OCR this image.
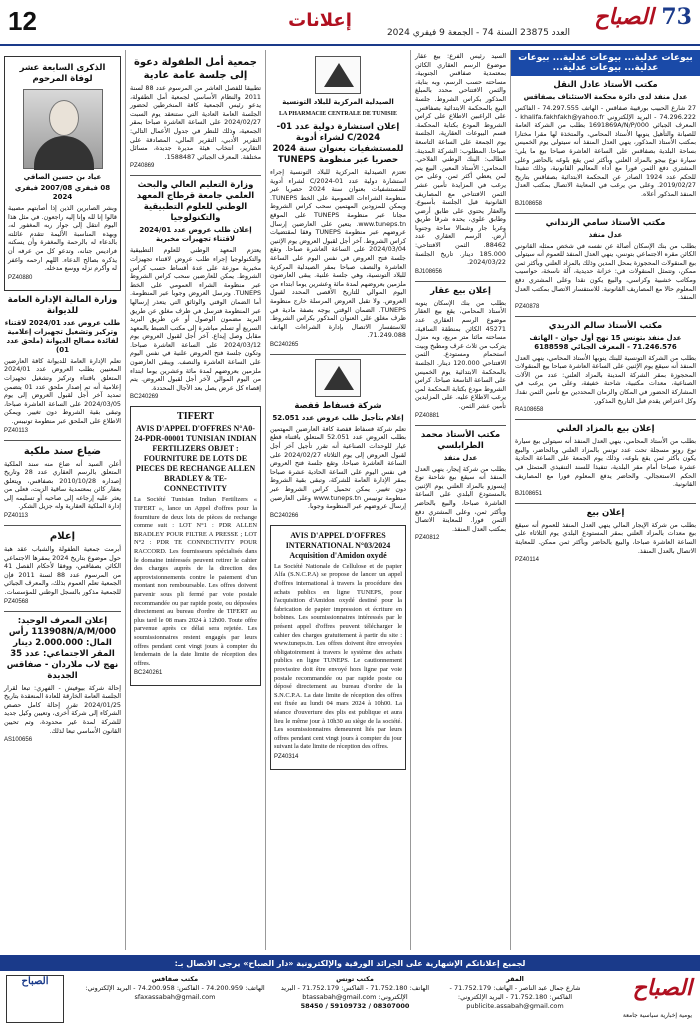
12	إعلانات	73 الصباح
العدد 23875 السنة 74 - الجمعة 9 فيفري 2024
بيوعات عدلية... بيوعات عدلية... بيوعات عدلية... بيوعات عدلية...
مكتب الأستاذ عادل النقل
عدل منفذ لدى دائرة محكمة الاستئناف بصفاقس

27 شارع الحبيب بورقيبة صفاقس - الهاتف 74.297.555 - الفاكس 74.296.222 - البريد الإلكتروني khalifa.fakhfakh@yahoo.fr - المعرف الجبائي 1691869A/N/P/000 بطلب من الشركة العامة للصيانة والتأهيل ينوبها الأستاذ المحامي، والمتخذة لها مقرا مختارا بمكتب الأستاذ المذكور، ينهي العدل المنفذ أنه سيتولى يوم الخميس بساحة البلدية بصفاقس على الساعة العاشرة صباحا بيع ما يلي: سيارة نوع بيجو بالمزاد العلني وبأكثر ثمن يقع بلوغه بالحاضر وعلى المشتري دفع الثمن فورا مع أداء المعاليم القانونية، وذلك تنفيذا للحكم عدد 1924 الصادر عن المحكمة الابتدائية بصفاقس بتاريخ 2019/02/27. وعلى من يرغب في المعاينة الاتصال بمكتب العدل المنفذ المذكور أعلاه.

BJ108658
مكتب الأستاذ سامي الزنداني
عدل منفذ

بطلب من بنك الإسكان أصالة عن نفسه في شخص ممثله القانوني الكائن مقره الاجتماعي بتونس، ينهي العدل المنفذ للعموم أنه سيتولى بيع المنقولات المحجوزة بمحل المدين وذلك بالمزاد العلني وبأكثر ثمن ممكن، وتتمثل المنقولات في: خزانة حديدية، آلة ناسخة، حواسيب ومكاتب خشبية وكراسي، والبيع يكون نقدا وعلى المشتري دفع المعلوم حالا مع المصاريف القانونية. للاستفسار الاتصال بمكتب العدل المنفذ.

PZ40878
مكتب الأستاذ سالم الدريدي
عدل منفذ بتونس 15 نهج أول جوان - الهاتف 71.246.576 - المعرف الجبائي 6188598

بطلب من الشركة التونسية للبنك ينوبها الأستاذ المحامي، ينهي العدل المنفذ أنه سيقع يوم الإثنين على الساعة العاشرة صباحا بيع المنقولات المحجوزة بمقر الشركة المدينة بالمزاد العلني: عدد من الآلات الصناعية، معدات مكتبية، شاحنة خفيفة، وعلى من يرغب في المشاركة الحضور في المكان والزمان المحددين مع تأمين الثمن نقدا. وكل اعتراض يقدم قبل التاريخ المذكور.

RA108658
إعلان بيع بالمزاد العلني

بطلب من الأستاذ المحامي، ينهي العدل المنفذ أنه سيتولى بيع سيارة نوع رونو مسجلة تحت عدد تونس بالمزاد العلني وبالحاضر، والبيع يكون بأكثر ثمن يقع بلوغه، وذلك يوم الجمعة على الساعة الحادية عشرة صباحا أمام مقر البلدية، تنفيذا للسند التنفيذي المتمثل في الحكم الاستعجالي. والحاضر يدفع المعلوم فورا مع المصاريف القانونية.

BJ108651
إعلان بيع

بطلب من شركة الإيجار المالي ينهي العدل المنفذ للعموم أنه سيقع بيع معدات بالمزاد العلني بمقر المستودع البلدي يوم الثلاثاء على الساعة العاشرة صباحا، والبيع بالحاضر وبأكثر ثمن ممكن. للمعاينة الاتصال بالعدل المنفذ.

PZ40114

السيد رئيس الفرع: بيع عقار موضوع الرسم العقاري الكائن بمعتمدية صفاقس الجنوبية، مساحته حسب الرسم، وبه بناية، والثمن الافتتاحي محدد بالمبلغ المذكور بكراس الشروط. جلسة البيع بالمحكمة الابتدائية بصفاقس. على الراغبين الاطلاع على كراس الشروط المودع بكتابة المحكمة. قسم البيوعات العقارية، الجلسة يوم الجمعة على الساعة التاسعة صباحا. المطلوب: الشركة المدينة. الطالب: البنك الوطني الفلاحي. المحامي: الأستاذ المعين. البيع يتم لمن يعطي أكثر ثمن. وعلى من يرغب في المزايدة تأمين عشر الثمن الافتتاحي مع المصاريف القانونية قبل الجلسة بأسبوع. والعقار يحتوي على طابق أرضي وطابق علوي، يحده شرقا طريق وغربا جار وشمالا ساحة وجنوبا أرض. الرسم العقاري عدد 88462. الثمن الافتتاحي: 185.000 دينار. تاريخ الجلسة 2024/03/22.

BJ108656
إعلان بيع عقار

بطلب من بنك الإسكان ينوبه الأستاذ المحامي، يقع بيع العقار موضوع الرسم العقاري عدد 45271 الكائن بمنطقة الساقية، مساحته مائتا متر مربع، وبه منزل يتركب من ثلاث غرف ومطبخ وبيت استحمام ومستودع. الثمن الافتتاحي 120.000 دينار. الجلسة بالمحكمة الابتدائية يوم الخميس على الساعة التاسعة صباحا. كراس الشروط مودع بكتابة المحكمة لمن يرغب الاطلاع عليه. على المزايدين تأمين عشر الثمن.

PZ40881
مكتب الأستاذ محمد الطرابلسي
عدل منفذ

بطلب من شركة إيجار، ينهي العدل المنفذ أنه سيقع بيع شاحنة نوع إيسوزو بالمزاد العلني يوم الإثنين بالمستودع البلدي على الساعة العاشرة صباحا، والبيع بالحاضر وبأكثر ثمن، وعلى المشتري دفع الثمن فورا. للمعاينة الاتصال بمكتب العدل المنفذ.

PZ40812
الصيدلية المركزية للبلاد التونسية
LA PHARMACIE CENTRALE DE TUNISIE
إعلان استشارة دولية عدد 01-C/2024 لشراء أدوية للمستشفيات بعنوان سنة 2024 حصريا عبر منظومة TUNEPS

تعتزم الصيدلية المركزية للبلاد التونسية إجراء استشارة دولية عدد 01-C/2024 لشراء أدوية للمستشفيات بعنوان سنة 2024 حصريا عبر منظومة الشراءات العمومية على الخط TUNEPS. ويمكن للمزودين المهتمين سحب كراس الشروط مجانا عبر منظومة TUNEPS على الموقع www.tuneps.tn. يتعين على العارضين إرسال عروضهم عبر منظومة TUNEPS وفقا لمقتضيات كراس الشروط. آخر أجل لقبول العروض يوم الإثنين 2024/03/04 على الساعة العاشرة صباحا. وتقع جلسة فتح العروض في نفس اليوم على الساعة العاشرة والنصف صباحا بمقر الصيدلية المركزية للبلاد التونسية، وهي جلسة علنية. يبقى العارضون ملزمين بعروضهم لمدة مائة وعشرين يوما ابتداء من اليوم الموالي للتاريخ الأقصى المحدد لقبول العروض. ولا تقبل العروض المرسلة خارج منظومة TUNEPS. الضمان الوقتي يوجه بصفة مادية في ظرف مغلق على العنوان المذكور بكراس الشروط. للاستفسار الاتصال بإدارة الشراءات الهاتف 71.249.088.

BC240265
شركة فسفاط قفصة
إعلام بتأجيل طلب عروض عدد 52.051

تعلم شركة فسفاط قفصة كافة العارضين المهتمين بطلب العروض عدد 52.051 المتعلق باقتناء قطع غيار للوحدات الصناعية أنه تقرر تأجيل آخر أجل لقبول العروض إلى يوم الثلاثاء 2024/02/27 على الساعة العاشرة صباحا، وتقع جلسة فتح العروض في نفس اليوم على الساعة الحادية عشرة صباحا بمقر الإدارة العامة للشركة، وتبقى بقية الشروط دون تغيير. يمكن تحميل كراس الشروط عبر منظومة تونيبس www.tuneps.tn وعلى العارضين إرسال عروضهم عبر المنظومة وجوبا.

BC240266
AVIS D'APPEL D'OFFRES INTERNATIONAL N°03/2024 Acquisition d'Amidon oxydé

La Société Nationale de Cellulose et de papier Alfa (S.N.C.P.A) se propose de lancer un appel d'offres international à travers la procédure des achats publics en ligne TUNEPS, pour l'acquisition d'Amidon oxydé destiné pour la fabrication de papier impression et écriture en bobines. Les soumissionnaires intéressés par le présent appel d'offres peuvent télécharger le cahier des charges gratuitement à partir du site : www.tuneps.tn. Les offres doivent être envoyées obligatoirement à travers le système des achats publics en ligne TUNEPS. Le cautionnement provisoire doit être envoyé hors ligne par voie postale recommandée ou par rapide poste ou déposé directement au bureau d'ordre de la S.N.C.P.A. La date limite de réception des offres est fixée au lundi 04 mars 2024 à 10h00. La séance d'ouverture des plis est publique et aura lieu le même jour à 10h30 au siège de la société. Les soumissionnaires demeurent liés par leurs offres pendant cent vingt jours à compter du jour suivant la date limite de réception des offres.

PZ40314
جمعية أمل الطفولة دعوة إلى جلسة عامة عادية

تطبيقا للفصل العاشر من المرسوم عدد 88 لسنة 2011 والنظام الأساسي لجمعية أمل الطفولة، يدعو رئيس الجمعية كافة المنخرطين لحضور الجلسة العامة العادية التي ستنعقد يوم السبت 2024/02/27 على الساعة العاشرة صباحا بمقر الجمعية، وذلك للنظر في جدول الأعمال التالي: التقرير الأدبي، التقرير المالي، المصادقة على التقارير، انتخاب هيئة مديرة جديدة، مسائل مختلفة. المعرف الجبائي 1588487.

PZ40869
وزارة التعليم العالي والبحث العلمي جامعة قرطاج المعهد الوطني للعلوم التطبيقية والتكنولوجيا
إعلان طلب عروض عدد 2024/01 لاقتناء تجهيزات مخبرية

يعتزم المعهد الوطني للعلوم التطبيقية والتكنولوجيا إجراء طلب عروض لاقتناء تجهيزات مخبرية موزعة على عدة أقساط حسب كراس الشروط. يمكن للعارضين سحب كراس الشروط عبر منظومة الشراء العمومي على الخط TUNEPS. وترسل العروض وجوبا عبر المنظومة. أما الضمان الوقتي والوثائق التي يتعذر إرسالها عبر المنظومة فترسل في ظرف مغلق عن طريق البريد مضمون الوصول أو عن طريق البريد السريع أو تسلم مباشرة إلى مكتب الضبط بالمعهد مقابل وصل إيداع. آخر أجل لقبول العروض يوم 2024/03/12 على الساعة العاشرة صباحا. وتكون جلسة فتح العروض علنية في نفس اليوم على الساعة العاشرة والنصف. ويبقى العارضون ملزمين بعروضهم لمدة مائة وعشرين يوما ابتداء من اليوم الموالي لآخر أجل لقبول العروض. يتم إقصاء كل عرض يصل بعد الآجال المحددة.

BC240269
TIFERT
AVIS D'APPEL D'OFFRES N°A0-24-PDR-00001 TUNISIAN INDIAN FERTILIZERS OBJET : FOURNITURE DE LOTS DE PIECES DE RECHANGE ALLEN BRADLEY & TE-CONNECTIVITY

La Société Tunisian Indian Fertilizers « TIFERT », lance un Appel d'offres pour la fourniture de deux lots de pièces de rechange comme suit : LOT N°1 : PDR ALLEN BRADLEY POUR FILTRE A PRESSE ; LOT N°2 : PDR TE CONNECTIVITY POUR RACCORD. Les fournisseurs spécialisés dans le domaine intéressés peuvent retirer le cahier des charges auprès de la direction des approvisionnements contre le paiement d'un montant non remboursable. Les offres doivent parvenir sous pli fermé par voie postale recommandée ou par rapide poste, ou déposées directement au bureau d'ordre de TIFERT au plus tard le 08 mars 2024 à 12h00. Toute offre parvenue après ce délai sera rejetée. Les soumissionnaires restent engagés par leurs offres pendant cent vingt jours à compter du lendemain de la date limite de réception des offres.

BC240261
الذكرى السابعة عشر لوفاة المرحوم
عياد بن حسين الصافي
08 فيفري 2007/08 فيفري 2024

وبشر الصابرين الذين إذا أصابتهم مصيبة قالوا إنا لله وإنا إليه راجعون. في مثل هذا اليوم انتقل إلى جوار ربه المغفور له، وبهذه المناسبة الأليمة تتقدم عائلته بالدعاء له بالرحمة والمغفرة وأن يسكنه فراديس جنانه، وتدعو كل من عرفه أن يذكره بصالح الدعاء. اللهم ارحمه واغفر له وأكرم نزله ووسع مدخله.

PZ40880
وزارة المالية الإدارة العامة للديوانة
طلب عروض عدد 2024/01 لاقتناء وتركيز وتشغيل تجهيزات إعلامية لفائدة مصالح الديوانة (ملحق عدد 01)

تعلم الإدارة العامة للديوانة كافة العارضين المعنيين بطلب العروض عدد 2024/01 المتعلق باقتناء وتركيز وتشغيل تجهيزات إعلامية أنه تم إصدار ملحق عدد 01 يتضمن تمديد آخر أجل لقبول العروض إلى يوم 2024/03/05 على الساعة العاشرة صباحا، وتبقى بقية الشروط دون تغيير. ويمكن الاطلاع على الملحق عبر منظومة تونيبس.

PZ40113
ضياع سند ملكية

أعلن السيد أنه ضاع منه سند الملكية المتعلق بالرسم العقاري عدد 28 وتاريخ إصداره 2010/10/28 بصفاقس، ويتعلق بعقار كائن بمعتمدية ساقية الزيت، فعلى من يعثر عليه إرجاعه إلى صاحبه أو تسليمه إلى إدارة الملكية العقارية وله جزيل الشكر.

PZ40113
إعلام

أبرمت جمعية الطفولة والشباب عقد هبة حول موضوع بتاريخ 2024 بمقرها الاجتماعي الكائن بصفاقس، ووفقا لأحكام الفصل 41 من المرسوم عدد 88 لسنة 2011 فإن الجمعية تعلم العموم بذلك، والمعرف الجبائي للجمعية مذكور بالسجل الوطني للمؤسسات.

PZ40568
إعلان المعرف الوحيد: 113908N/A/M/000 رأس المال: 2.000.000 دينار المقر الاجتماعي: عدد 35 نهج لاب ملاردان - صفاقس الجديدة

إحالة شركة بيوفيش - الفهري: تبعا لقرار الجلسة العامة الخارقة للعادة المنعقدة بتاريخ 2024/01/25 تقرر إحالة كامل حصص الشركاء إلى شركة أخرى، وتعيين وكيل جديد للشركة لمدة غير محدودة، وتم تحيين القانون الأساسي تبعا لذلك.

AS100656
لجميع إعلاناتكم الإشهارية على الجرائد الورقية والإلكترونية «دار الصباح» يرجى الاتصال بـ:
الصباح
يومية إخبارية سياسية جامعة
المقر
شارع جمال عبد الناصر - الهاتف: 71.752.179 - الفاكس: 71.752.180 - البريد الإلكتروني: publicite.assabah@gmail.com
مكتب تونس
الهاتف: 71.752.180 - الفاكس: 71.752.179 - البريد الإلكتروني: btassabah@gmail.com
08307000 / 59109732 / 58450
مكتب صفاقس
الهاتف: 74.200.959 - الفاكس: 74.200.958 - البريد الإلكتروني: sfaxassabah@gmail.com
الصباح
